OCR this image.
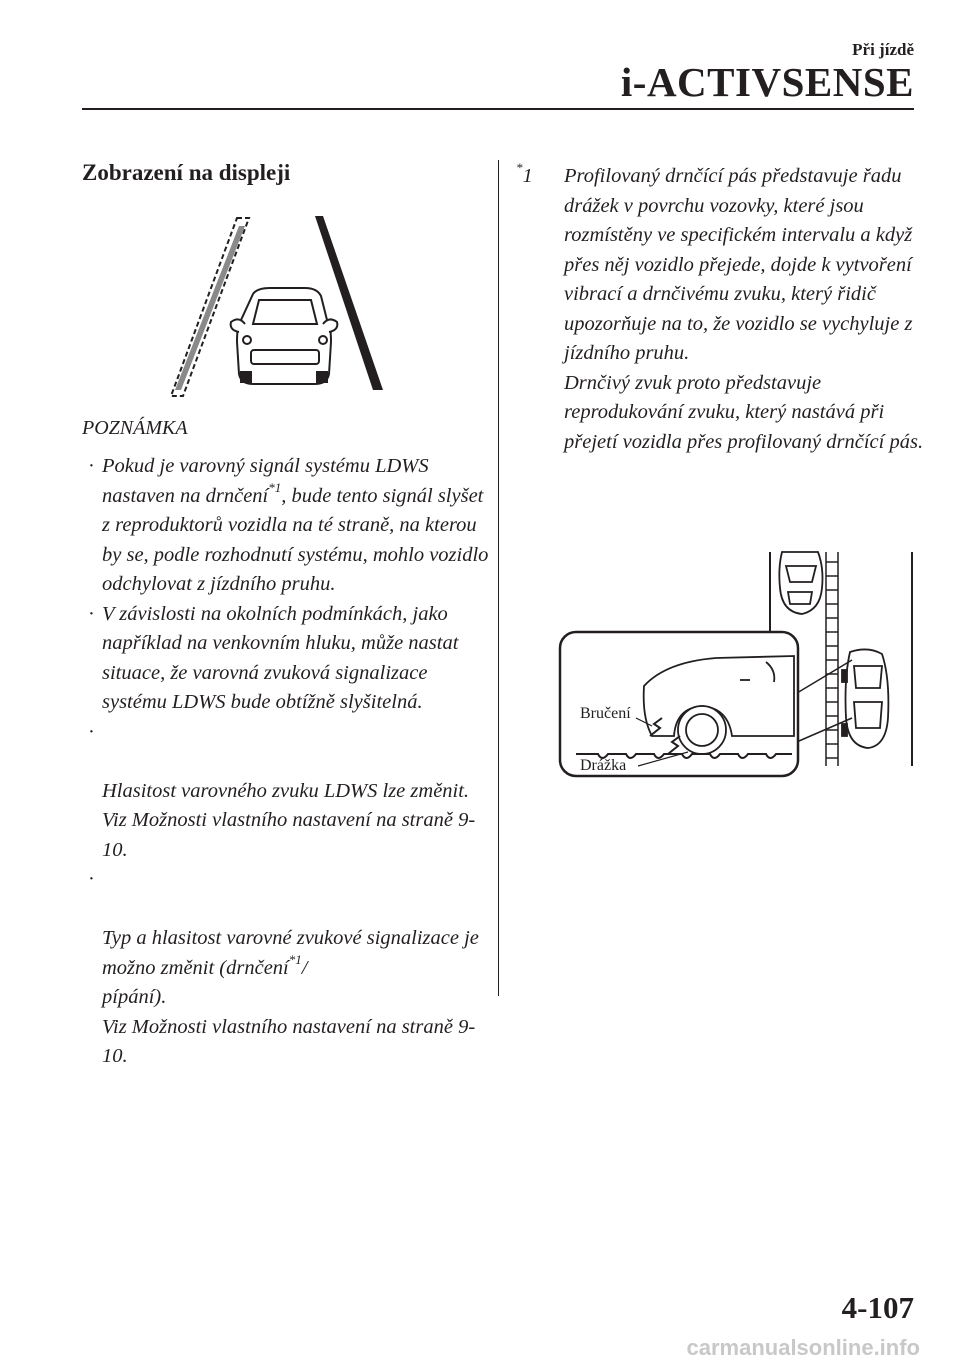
Při jízdě
i-ACTIVSENSE
Zobrazení na displeji
POZNÁMKA
· Pokud je varovný signál systému LDWS nastaven na drnčení$^{*1}$, bude tento signál slyšet z reproduktorů vozidla na té straně, na kterou by se, podle rozhodnutí systému, mohlo vozidlo odchylovat z jízdního pruhu.
· V závislosti na okolních podmínkách, jako například na venkovním hluku, může nastat situace, že varovná zvuková signalizace systému LDWS bude obtížně slyšitelná.

·

Hlasitost varovného zvuku LDWS lze změnit.
Viz Možnosti vlastního nastavení na straně 9-10.

·

Typ a hlasitost varovné zvukové signalizace je možno změnit (drnčení$^{*1}$/
pípání).
Viz Možnosti vlastního nastavení na straně 9-10.

*1	Profilovaný drnčící pás představuje řadu drážek v povrchu vozovky, které jsou rozmístěny ve specifickém intervalu a když přes něj vozidlo přejede, dojde k vytvoření vibrací a drnčivému zvuku, který řidič upozorňuje na to, že vozidlo se vychyluje z jízdního pruhu.
Drnčivý zvuk proto představuje reprodukování zvuku, který nastává při přejetí vozidla přes profilovaný drnčící pás.
Bručení
Drážka
4-107
carmanualsonline.info
